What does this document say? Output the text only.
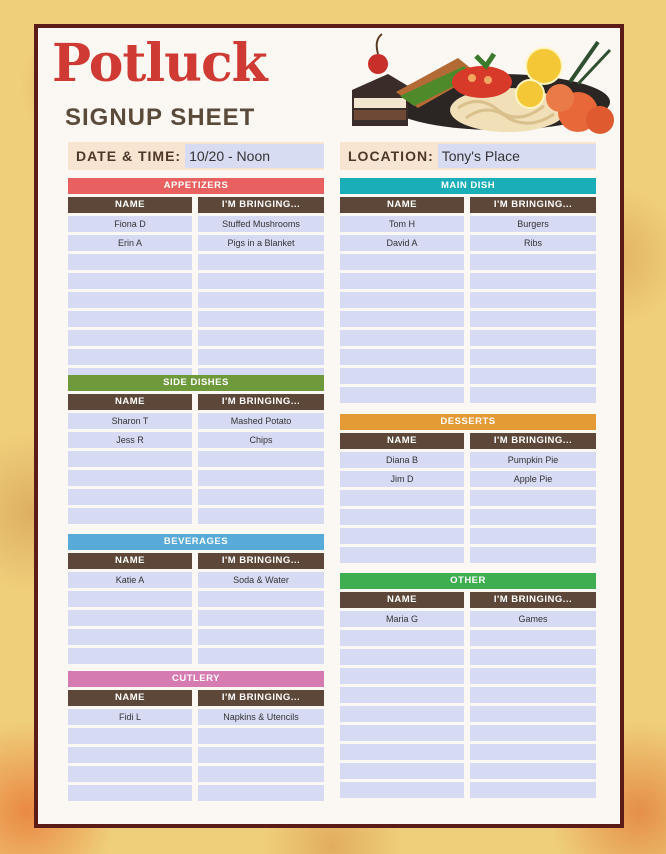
Potluck
SIGNUP SHEET
DATE & TIME: 10/20 - Noon	LOCATION: Tony's Place
APPETIZERS
NAME	I'M BRINGING...
Fiona D	Stuffed Mushrooms
Erin A	Pigs in a Blanket
SIDE DISHES
NAME	I'M BRINGING...
Sharon T	Mashed Potato
Jess R	Chips
BEVERAGES
NAME	I'M BRINGING...
Katie A	Soda & Water
CUTLERY
NAME	I'M BRINGING...
Fidi L	Napkins & Utencils
MAIN DISH
NAME	I'M BRINGING...
Tom H	Burgers
David A	Ribs
DESSERTS
NAME	I'M BRINGING...
Diana B	Pumpkin Pie
Jim D	Apple Pie
OTHER
NAME	I'M BRINGING...
Maria G	Games
